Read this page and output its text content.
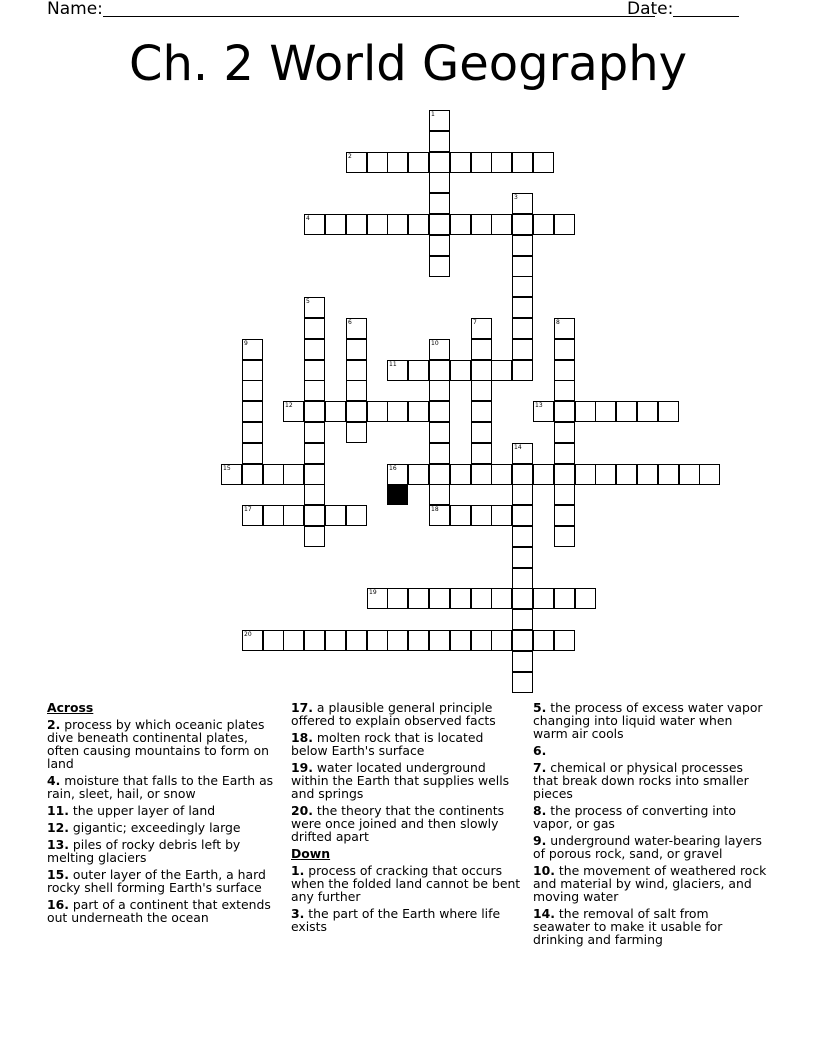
Name:	Date:
Ch. 2 World Geography
1
2
3
4
5
6	7	8
9	10
11
12	13
14
15	16
17	18
19
20
Across
2. process by which oceanic plates dive beneath continental plates, often causing mountains to form on land
4. moisture that falls to the Earth as rain, sleet, hail, or snow
11. the upper layer of land
12. gigantic; exceedingly large
13. piles of rocky debris left by melting glaciers
15. outer layer of the Earth, a hard rocky shell forming Earth's surface
16. part of a continent that extends out underneath the ocean
17. a plausible general principle offered to explain observed facts
18. molten rock that is located below Earth's surface
19. water located underground within the Earth that supplies wells and springs
20. the theory that the continents were once joined and then slowly drifted apart
Down
1. process of cracking that occurs when the folded land cannot be bent any further
3. the part of the Earth where life exists
5. the process of excess water vapor changing into liquid water when warm air cools
6.
7. chemical or physical processes that break down rocks into smaller pieces
8. the process of converting into vapor, or gas
9. underground water-bearing layers of porous rock, sand, or gravel
10. the movement of weathered rock and material by wind, glaciers, and moving water
14. the removal of salt from seawater to make it usable for drinking and farming
